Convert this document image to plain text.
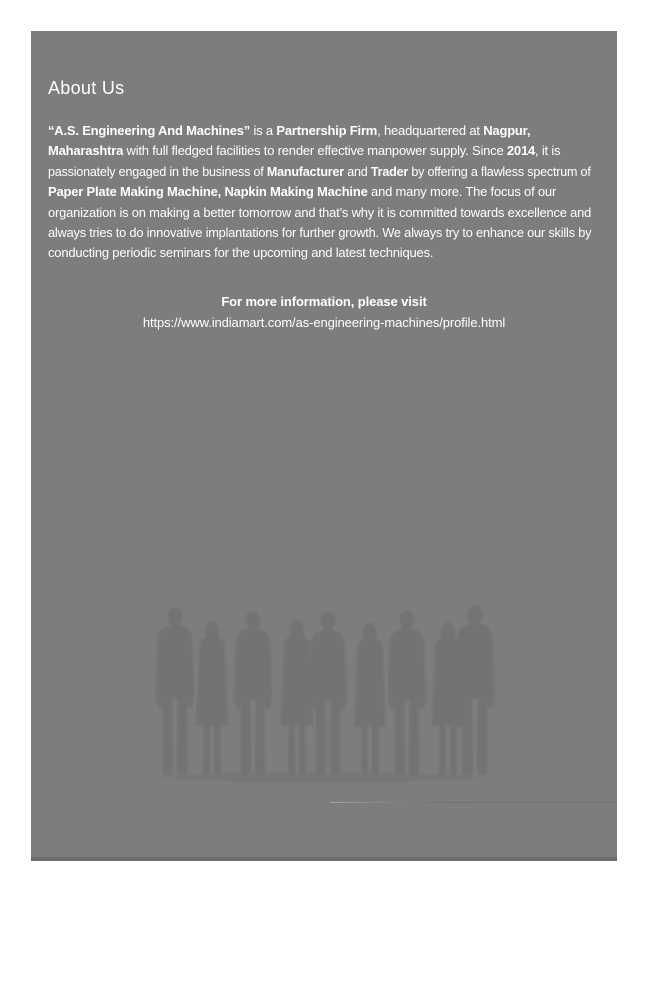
About Us
“A.S. Engineering And Machines” is a Partnership Firm, headquartered at Nagpur,
Maharashtra with full fledged facilities to render effective manpower supply. Since 2014, it is
passionately engaged in the business of Manufacturer and Trader by offering a flawless spectrum of
Paper Plate Making Machine, Napkin Making Machine and many more. The focus of our
organization is on making a better tomorrow and that’s why it is committed towards excellence and
always tries to do innovative implantations for further growth. We always try to enhance our skills by
conducting periodic seminars for the upcoming and latest techniques.
For more information, please visit
https://www.indiamart.com/as-engineering-machines/profile.html
